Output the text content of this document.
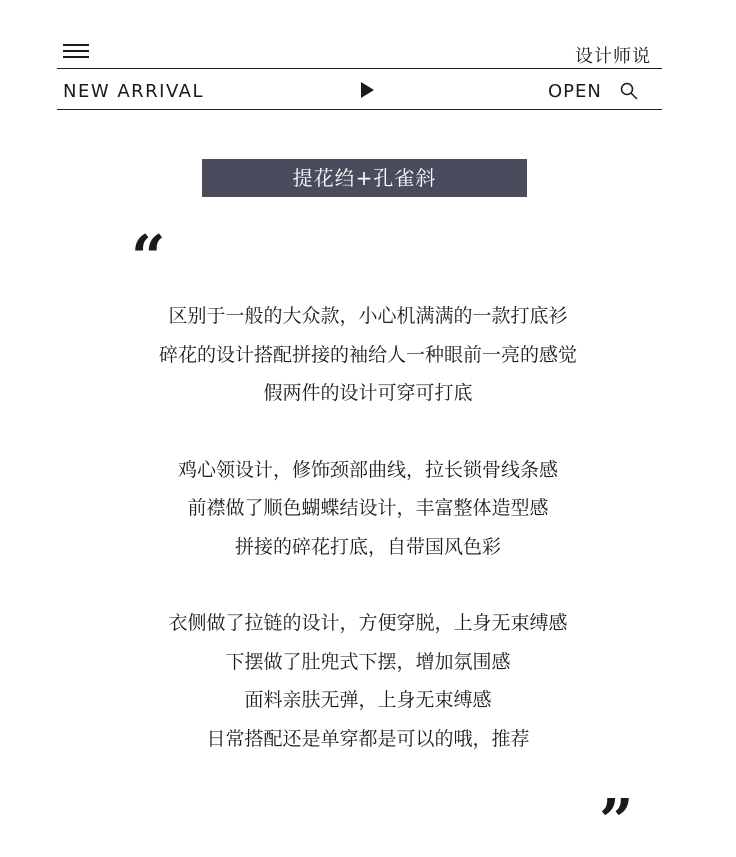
设计师说
NEW ARRIVAL	OPEN
提花绉+孔雀斜
“
区别于一般的大众款，小心机满满的一款打底衫
碎花的设计搭配拼接的袖给人一种眼前一亮的感觉
假两件的设计可穿可打底
鸡心领设计，修饰颈部曲线，拉长锁骨线条感
前襟做了顺色蝴蝶结设计，丰富整体造型感
拼接的碎花打底，自带国风色彩
衣侧做了拉链的设计，方便穿脱，上身无束缚感
下摆做了肚兜式下摆，增加氛围感
面料亲肤无弹，上身无束缚感
日常搭配还是单穿都是可以的哦，推荐
”
